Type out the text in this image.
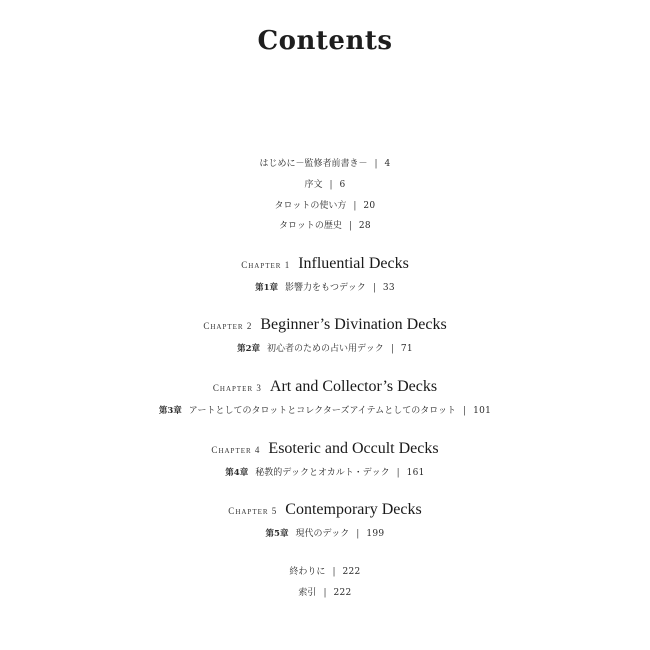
Contents
はじめに－監修者前書き－ | 4
序文 | 6
タロットの使い方 | 20
タロットの歴史 | 28
CHAPTER 1 Influential Decks
第1章 影響力をもつデック | 33
CHAPTER 2 Beginner’s Divination Decks
第2章 初心者のための占い用デック | 71
CHAPTER 3 Art and Collector’s Decks
第3章 アートとしてのタロットとコレクターズアイテムとしてのタロット | 101
CHAPTER 4 Esoteric and Occult Decks
第4章 秘教的デックとオカルト・デック | 161
CHAPTER 5 Contemporary Decks
第5章 現代のデック | 199
終わりに | 222
索引 | 222
